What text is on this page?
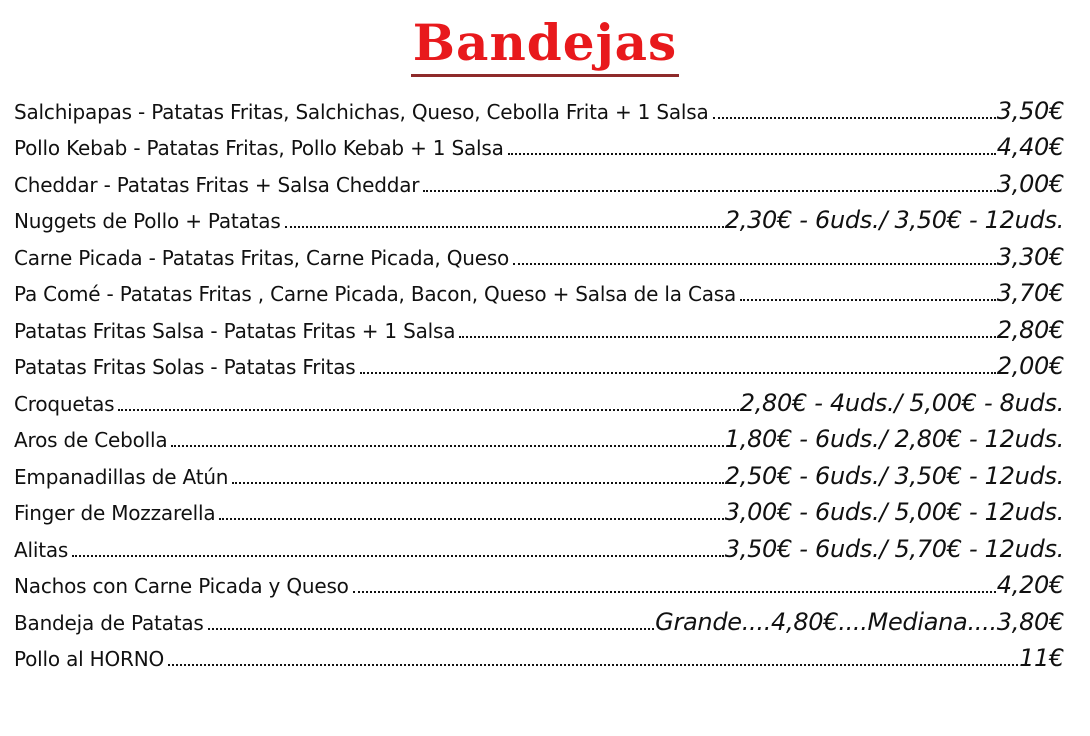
Bandejas
Salchipapas - Patatas Fritas, Salchichas, Queso, Cebolla Frita + 1 Salsa	3,50€
Pollo Kebab - Patatas Fritas, Pollo Kebab + 1 Salsa	4,40€
Cheddar - Patatas Fritas + Salsa Cheddar	3,00€
Nuggets de Pollo + Patatas	2,30€ - 6uds./ 3,50€ - 12uds.
Carne Picada - Patatas Fritas, Carne Picada, Queso	3,30€
Pa Comé - Patatas Fritas , Carne Picada, Bacon, Queso + Salsa de la Casa	3,70€
Patatas Fritas Salsa - Patatas Fritas + 1 Salsa	2,80€
Patatas Fritas Solas - Patatas Fritas	2,00€
Croquetas	2,80€ - 4uds./ 5,00€ - 8uds.
Aros de Cebolla	1,80€ - 6uds./ 2,80€ - 12uds.
Empanadillas de Atún	2,50€ - 6uds./ 3,50€ - 12uds.
Finger de Mozzarella	3,00€ - 6uds./ 5,00€ - 12uds.
Alitas	3,50€ - 6uds./ 5,70€ - 12uds.
Nachos con Carne Picada y Queso	4,20€
Bandeja de Patatas	Grande....4,80€....Mediana....3,80€
Pollo al HORNO	11€
